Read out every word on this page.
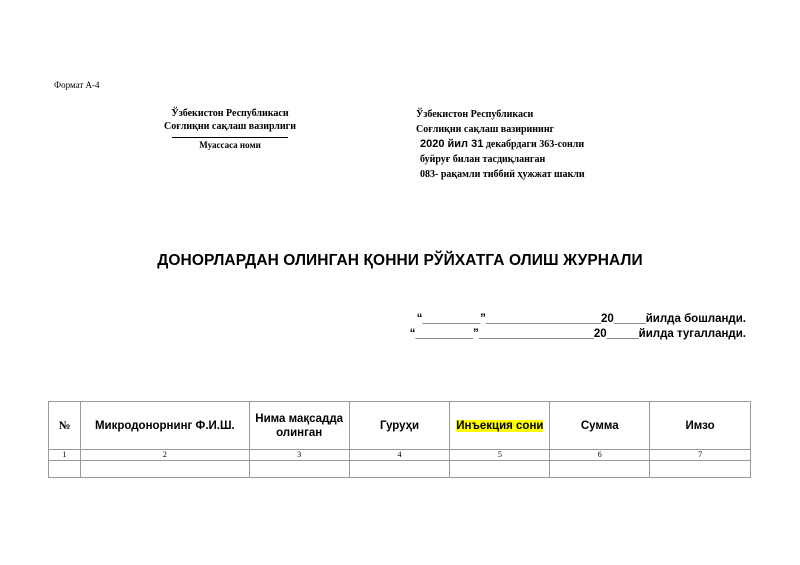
Формат А-4
Ўзбекистон Республикаси
Соғлиқни сақлаш вазирлиги
Муассаса номи
Ўзбекистон Республикаси
Соғлиқни сақлаш вазирининг
2020 йил 31 декабрдаги 363-сонли
буйруғ билан тасдиқланган
083- рақамли тиббий ҳужжат шакли
ДОНОРЛАРДАН ОЛИНГАН ҚОННИ РЎЙХАТГА ОЛИШ ЖУРНАЛИ
“_________”__________________20_____йилда бошланди.
“_________”__________________20_____йилда тугалланди.
№	Микродонорнинг Ф.И.Ш.	Нима мақсадда олинган	Гуруҳи	Инъекция сони	Сумма	Имзо
1	2	3	4	5	6	7
